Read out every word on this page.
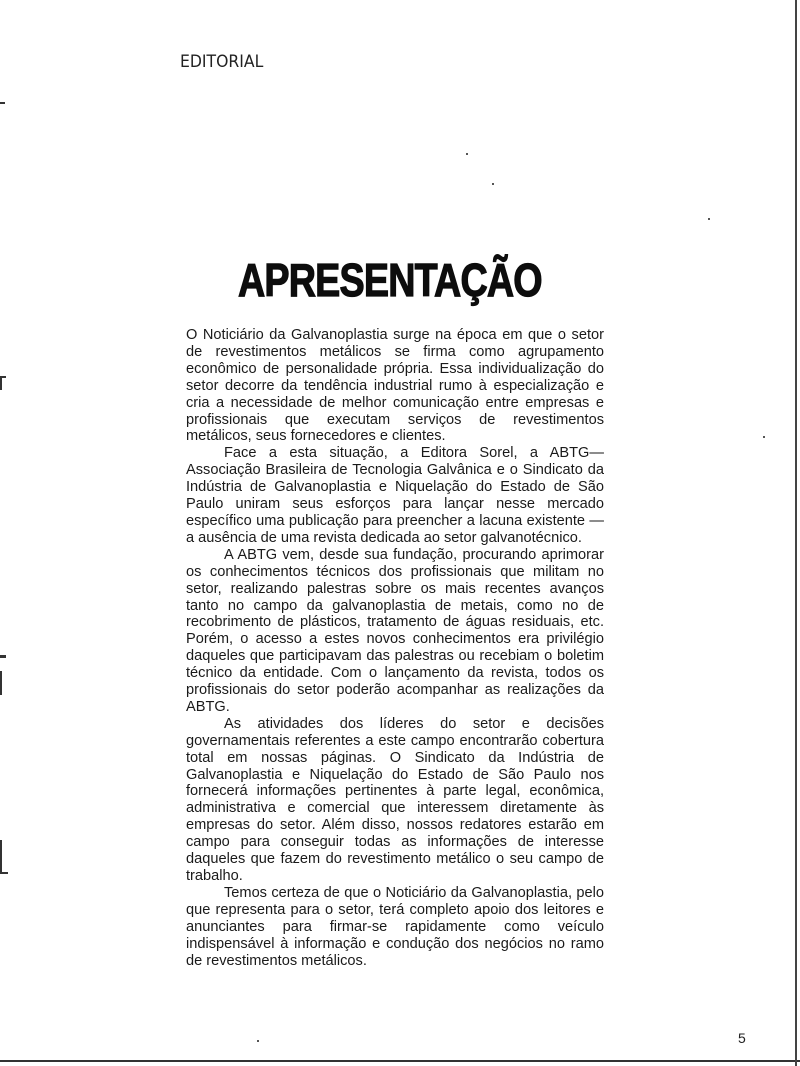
EDITORIAL
APRESENTAÇÃO

O Noticiário da Galvanoplastia surge na época em que o setor de revestimentos metálicos se firma como agrupamento econômico de personalidade própria. Essa individualização do setor decorre da tendência industrial rumo à especialização e cria a necessidade de melhor comunicação entre empresas e profissionais que executam serviços de revestimentos metálicos, seus fornecedores e clientes.

Face a esta situação, a Editora Sorel, a ABTG—Associação Brasileira de Tecnologia Galvânica e o Sindicato da Indústria de Galvanoplastia e Niquelação do Estado de São Paulo uniram seus esforços para lançar nesse mercado específico uma publicação para preencher a lacuna existente — a ausência de uma revista dedicada ao setor galvanotécnico.

A ABTG vem, desde sua fundação, procurando aprimorar os conhecimentos técnicos dos profissionais que militam no setor, realizando palestras sobre os mais recentes avanços tanto no campo da galvanoplastia de metais, como no de recobrimento de plásticos, tratamento de águas residuais, etc. Porém, o acesso a estes novos conhecimentos era privilégio daqueles que participavam das palestras ou recebiam o boletim técnico da entidade. Com o lançamento da revista, todos os profissionais do setor poderão acompanhar as realizações da ABTG.

As atividades dos líderes do setor e decisões governamentais referentes a este campo encontrarão cobertura total em nossas páginas. O Sindicato da Indústria de Galvanoplastia e Niquelação do Estado de São Paulo nos fornecerá informações pertinentes à parte legal, econômica, administrativa e comercial que interessem diretamente às empresas do setor. Além disso, nossos redatores estarão em campo para conseguir todas as informações de interesse daqueles que fazem do revestimento metálico o seu campo de trabalho.

Temos certeza de que o Noticiário da Galvanoplastia, pelo que representa para o setor, terá completo apoio dos leitores e anunciantes para firmar-se rapidamente como veículo indispensável à informação e condução dos negócios no ramo de revestimentos metálicos.

5
